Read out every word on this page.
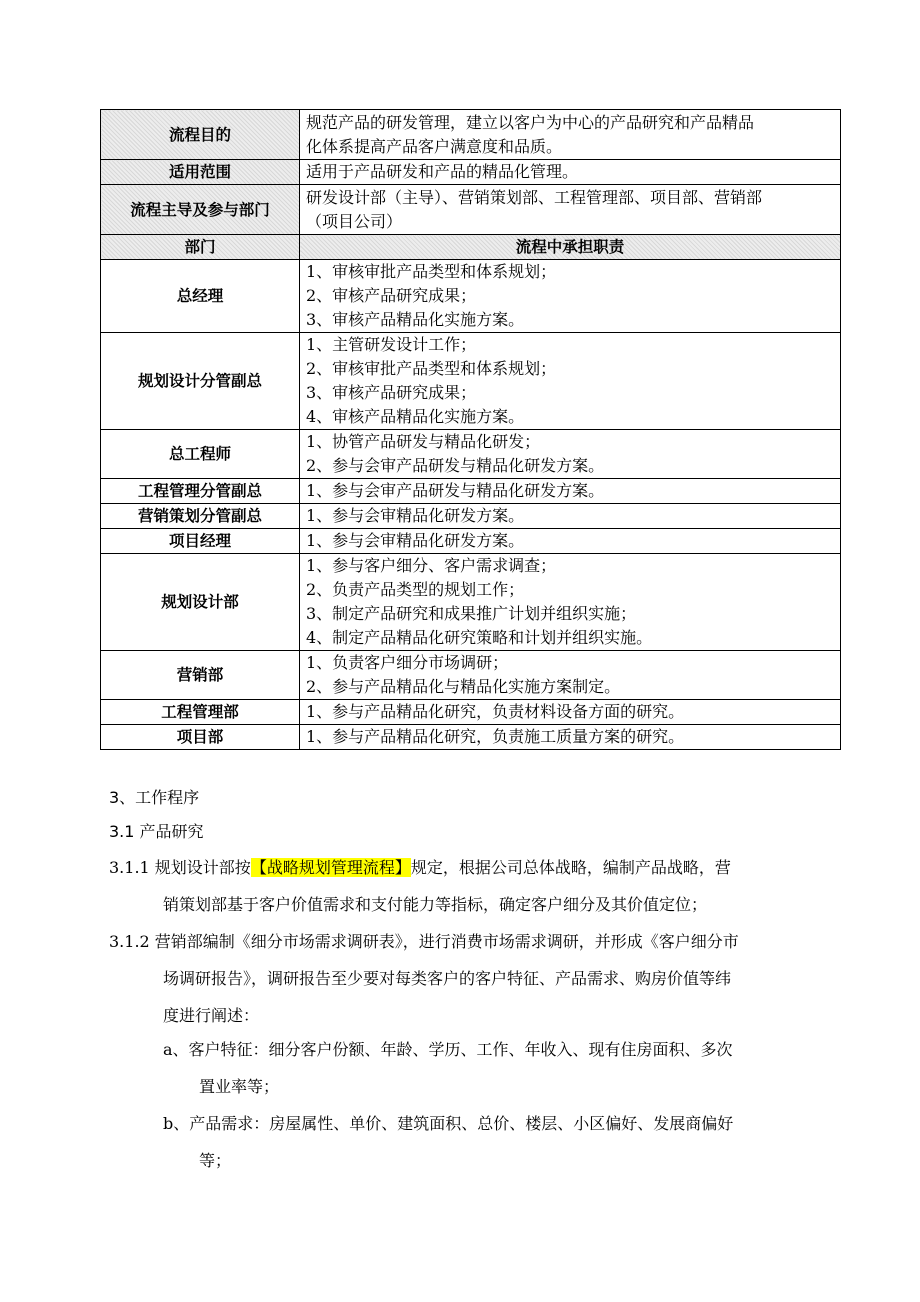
流程目的	规范产品的研发管理，建立以客户为中心的产品研究和产品精品
化体系提高产品客户满意度和品质。

适用范围	适用于产品研发和产品的精品化管理。

流程主导及参与部门	研发设计部（主导）、营销策划部、工程管理部、项目部、营销部
（项目公司）

部门	流程中承担职责
总经理	1、审核审批产品类型和体系规划；
2、审核产品研究成果；
3、审核产品精品化实施方案。

规划设计分管副总	1、主管研发设计工作；
2、审核审批产品类型和体系规划；
3、审核产品研究成果；
4、审核产品精品化实施方案。

总工程师	1、协管产品研发与精品化研发；
2、参与会审产品研发与精品化研发方案。

工程管理分管副总	1、参与会审产品研发与精品化研发方案。

营销策划分管副总	1、参与会审精品化研发方案。

项目经理	1、参与会审精品化研发方案。

规划设计部	1、参与客户细分、客户需求调查；
2、负责产品类型的规划工作；
3、制定产品研究和成果推广计划并组织实施；
4、制定产品精品化研究策略和计划并组织实施。

营销部	1、负责客户细分市场调研；
2、参与产品精品化与精品化实施方案制定。

工程管理部	1、参与产品精品化研究，负责材料设备方面的研究。

项目部	1、参与产品精品化研究，负责施工质量方案的研究。
3、工作程序
3.1 产品研究
3.1.1 规划设计部按【战略规划管理流程】规定，根据公司总体战略，编制产品战略，营
销策划部基于客户价值需求和支付能力等指标，确定客户细分及其价值定位；
3.1.2 营销部编制《细分市场需求调研表》，进行消费市场需求调研，并形成《客户细分市
场调研报告》，调研报告至少要对每类客户的客户特征、产品需求、购房价值等纬
度进行阐述：
a、客户特征：细分客户份额、年龄、学历、工作、年收入、现有住房面积、多次
置业率等；
b、产品需求：房屋属性、单价、建筑面积、总价、楼层、小区偏好、发展商偏好
等；
